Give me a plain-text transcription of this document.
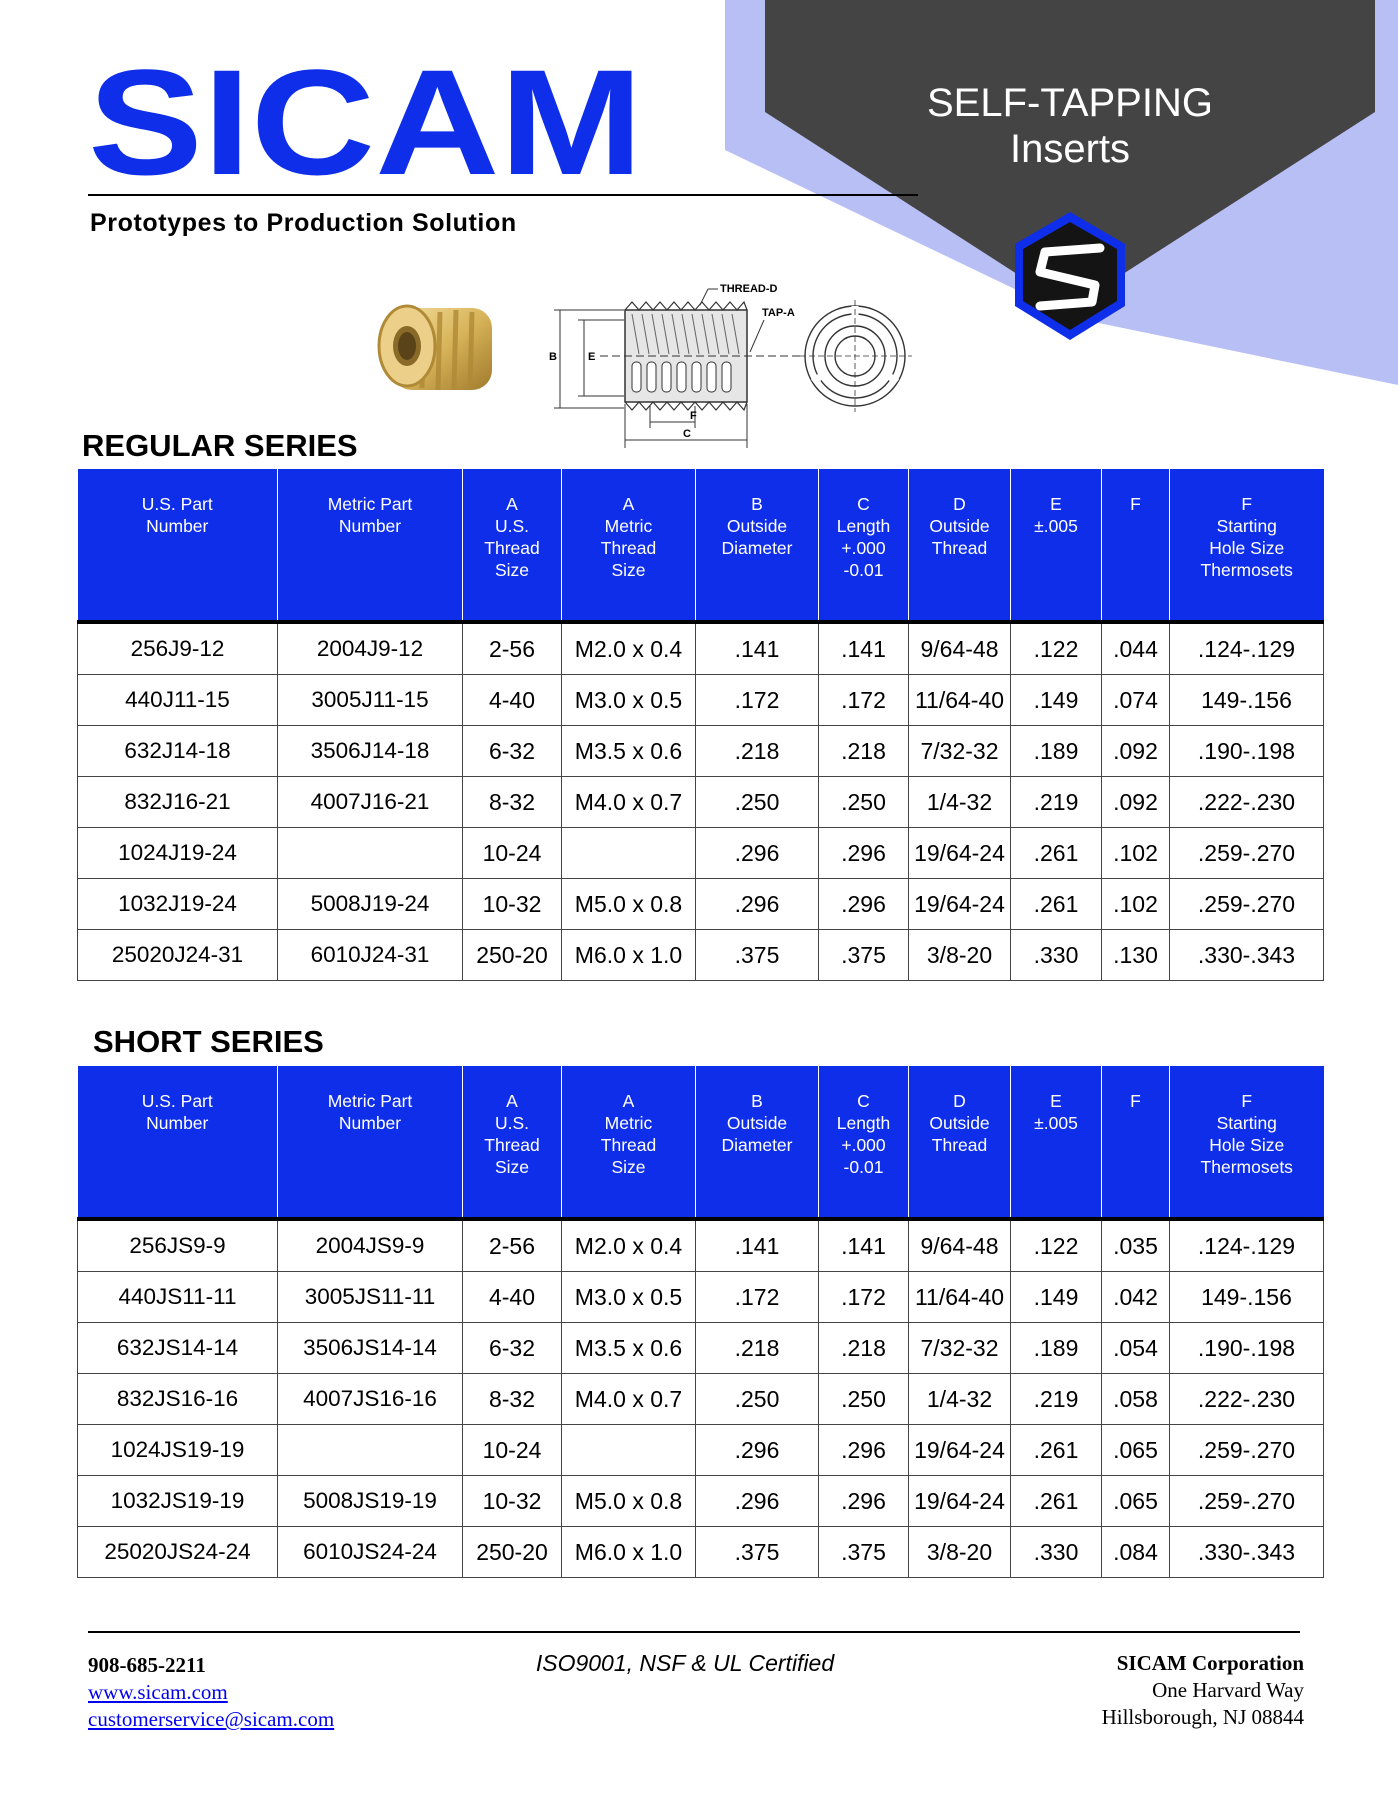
SICAM
Prototypes to Production Solution
SELF-TAPPING
Inserts
B	E
F
C
THREAD-D
TAP-A
REGULAR SERIES
U.S. Part
Number	Metric Part
Number	A
U.S.
Thread
Size	A
Metric
Thread
Size	B
Outside
Diameter	C
Length
+.000
-0.01	D
Outside
Thread	E
±.005	F	F
Starting
Hole Size
Thermosets
256J9-12	2004J9-12	2-56	M2.0 x 0.4	.141	.141	9/64-48	.122	.044	.124-.129
440J11-15	3005J11-15	4-40	M3.0 x 0.5	.172	.172	11/64-40	.149	.074	149-.156
632J14-18	3506J14-18	6-32	M3.5 x 0.6	.218	.218	7/32-32	.189	.092	.190-.198
832J16-21	4007J16-21	8-32	M4.0 x 0.7	.250	.250	1/4-32	.219	.092	.222-.230
1024J19-24		10-24		.296	.296	19/64-24	.261	.102	.259-.270
1032J19-24	5008J19-24	10-32	M5.0 x 0.8	.296	.296	19/64-24	.261	.102	.259-.270
25020J24-31	6010J24-31	250-20	M6.0 x 1.0	.375	.375	3/8-20	.330	.130	.330-.343
SHORT SERIES
U.S. Part
Number	Metric Part
Number	A
U.S.
Thread
Size	A
Metric
Thread
Size	B
Outside
Diameter	C
Length
+.000
-0.01	D
Outside
Thread	E
±.005	F	F
Starting
Hole Size
Thermosets
256JS9-9	2004JS9-9	2-56	M2.0 x 0.4	.141	.141	9/64-48	.122	.035	.124-.129
440JS11-11	3005JS11-11	4-40	M3.0 x 0.5	.172	.172	11/64-40	.149	.042	149-.156
632JS14-14	3506JS14-14	6-32	M3.5 x 0.6	.218	.218	7/32-32	.189	.054	.190-.198
832JS16-16	4007JS16-16	8-32	M4.0 x 0.7	.250	.250	1/4-32	.219	.058	.222-.230
1024JS19-19		10-24		.296	.296	19/64-24	.261	.065	.259-.270
1032JS19-19	5008JS19-19	10-32	M5.0 x 0.8	.296	.296	19/64-24	.261	.065	.259-.270
25020JS24-24	6010JS24-24	250-20	M6.0 x 1.0	.375	.375	3/8-20	.330	.084	.330-.343
908-685-2211
www.sicam.com
customerservice@sicam.com
ISO9001, NSF & UL Certified	SICAM Corporation
One Harvard Way
Hillsborough, NJ 08844
